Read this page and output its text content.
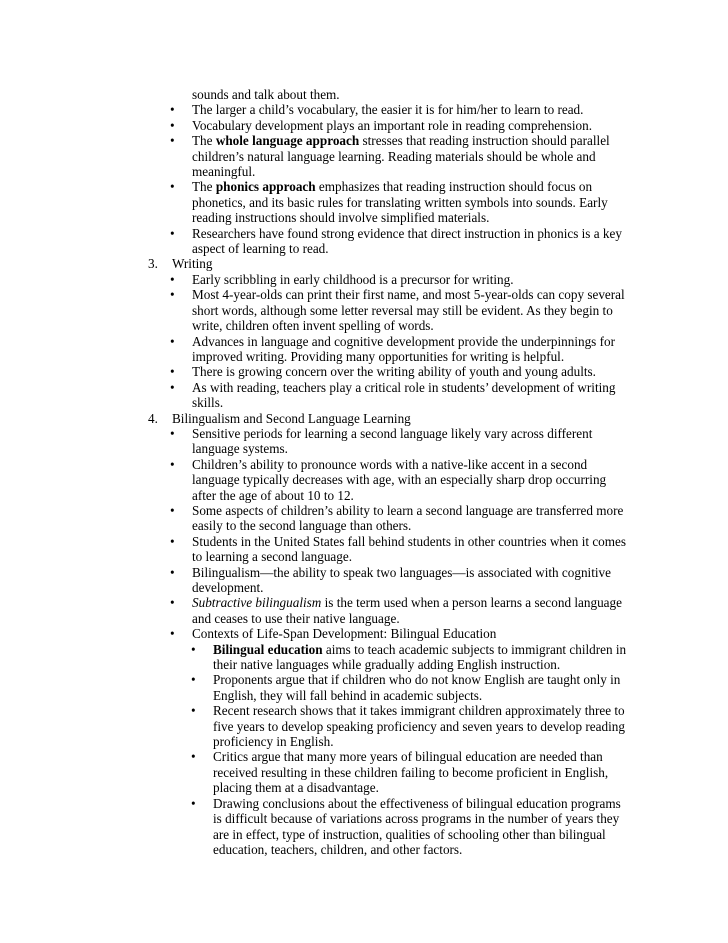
sounds and talk about them.
• The larger a child’s vocabulary, the easier it is for him/her to learn to read.
• Vocabulary development plays an important role in reading comprehension.
• The whole language approach stresses that reading instruction should parallel children’s natural language learning. Reading materials should be whole and meaningful.
• The phonics approach emphasizes that reading instruction should focus on phonetics, and its basic rules for translating written symbols into sounds. Early reading instructions should involve simplified materials.
• Researchers have found strong evidence that direct instruction in phonics is a key aspect of learning to read.
3. Writing
• Early scribbling in early childhood is a precursor for writing.
• Most 4-year-olds can print their first name, and most 5-year-olds can copy several short words, although some letter reversal may still be evident. As they begin to write, children often invent spelling of words.
• Advances in language and cognitive development provide the underpinnings for improved writing. Providing many opportunities for writing is helpful.
• There is growing concern over the writing ability of youth and young adults.
• As with reading, teachers play a critical role in students’ development of writing skills.
4. Bilingualism and Second Language Learning
• Sensitive periods for learning a second language likely vary across different language systems.
• Children’s ability to pronounce words with a native-like accent in a second language typically decreases with age, with an especially sharp drop occurring after the age of about 10 to 12.
• Some aspects of children’s ability to learn a second language are transferred more easily to the second language than others.
• Students in the United States fall behind students in other countries when it comes to learning a second language.
• Bilingualism—the ability to speak two languages—is associated with cognitive development.
• Subtractive bilingualism is the term used when a person learns a second language and ceases to use their native language.
• Contexts of Life-Span Development: Bilingual Education
• Bilingual education aims to teach academic subjects to immigrant children in their native languages while gradually adding English instruction.
• Proponents argue that if children who do not know English are taught only in English, they will fall behind in academic subjects.
• Recent research shows that it takes immigrant children approximately three to five years to develop speaking proficiency and seven years to develop reading proficiency in English.
• Critics argue that many more years of bilingual education are needed than received resulting in these children failing to become proficient in English, placing them at a disadvantage.
• Drawing conclusions about the effectiveness of bilingual education programs is difficult because of variations across programs in the number of years they are in effect, type of instruction, qualities of schooling other than bilingual education, teachers, children, and other factors.
